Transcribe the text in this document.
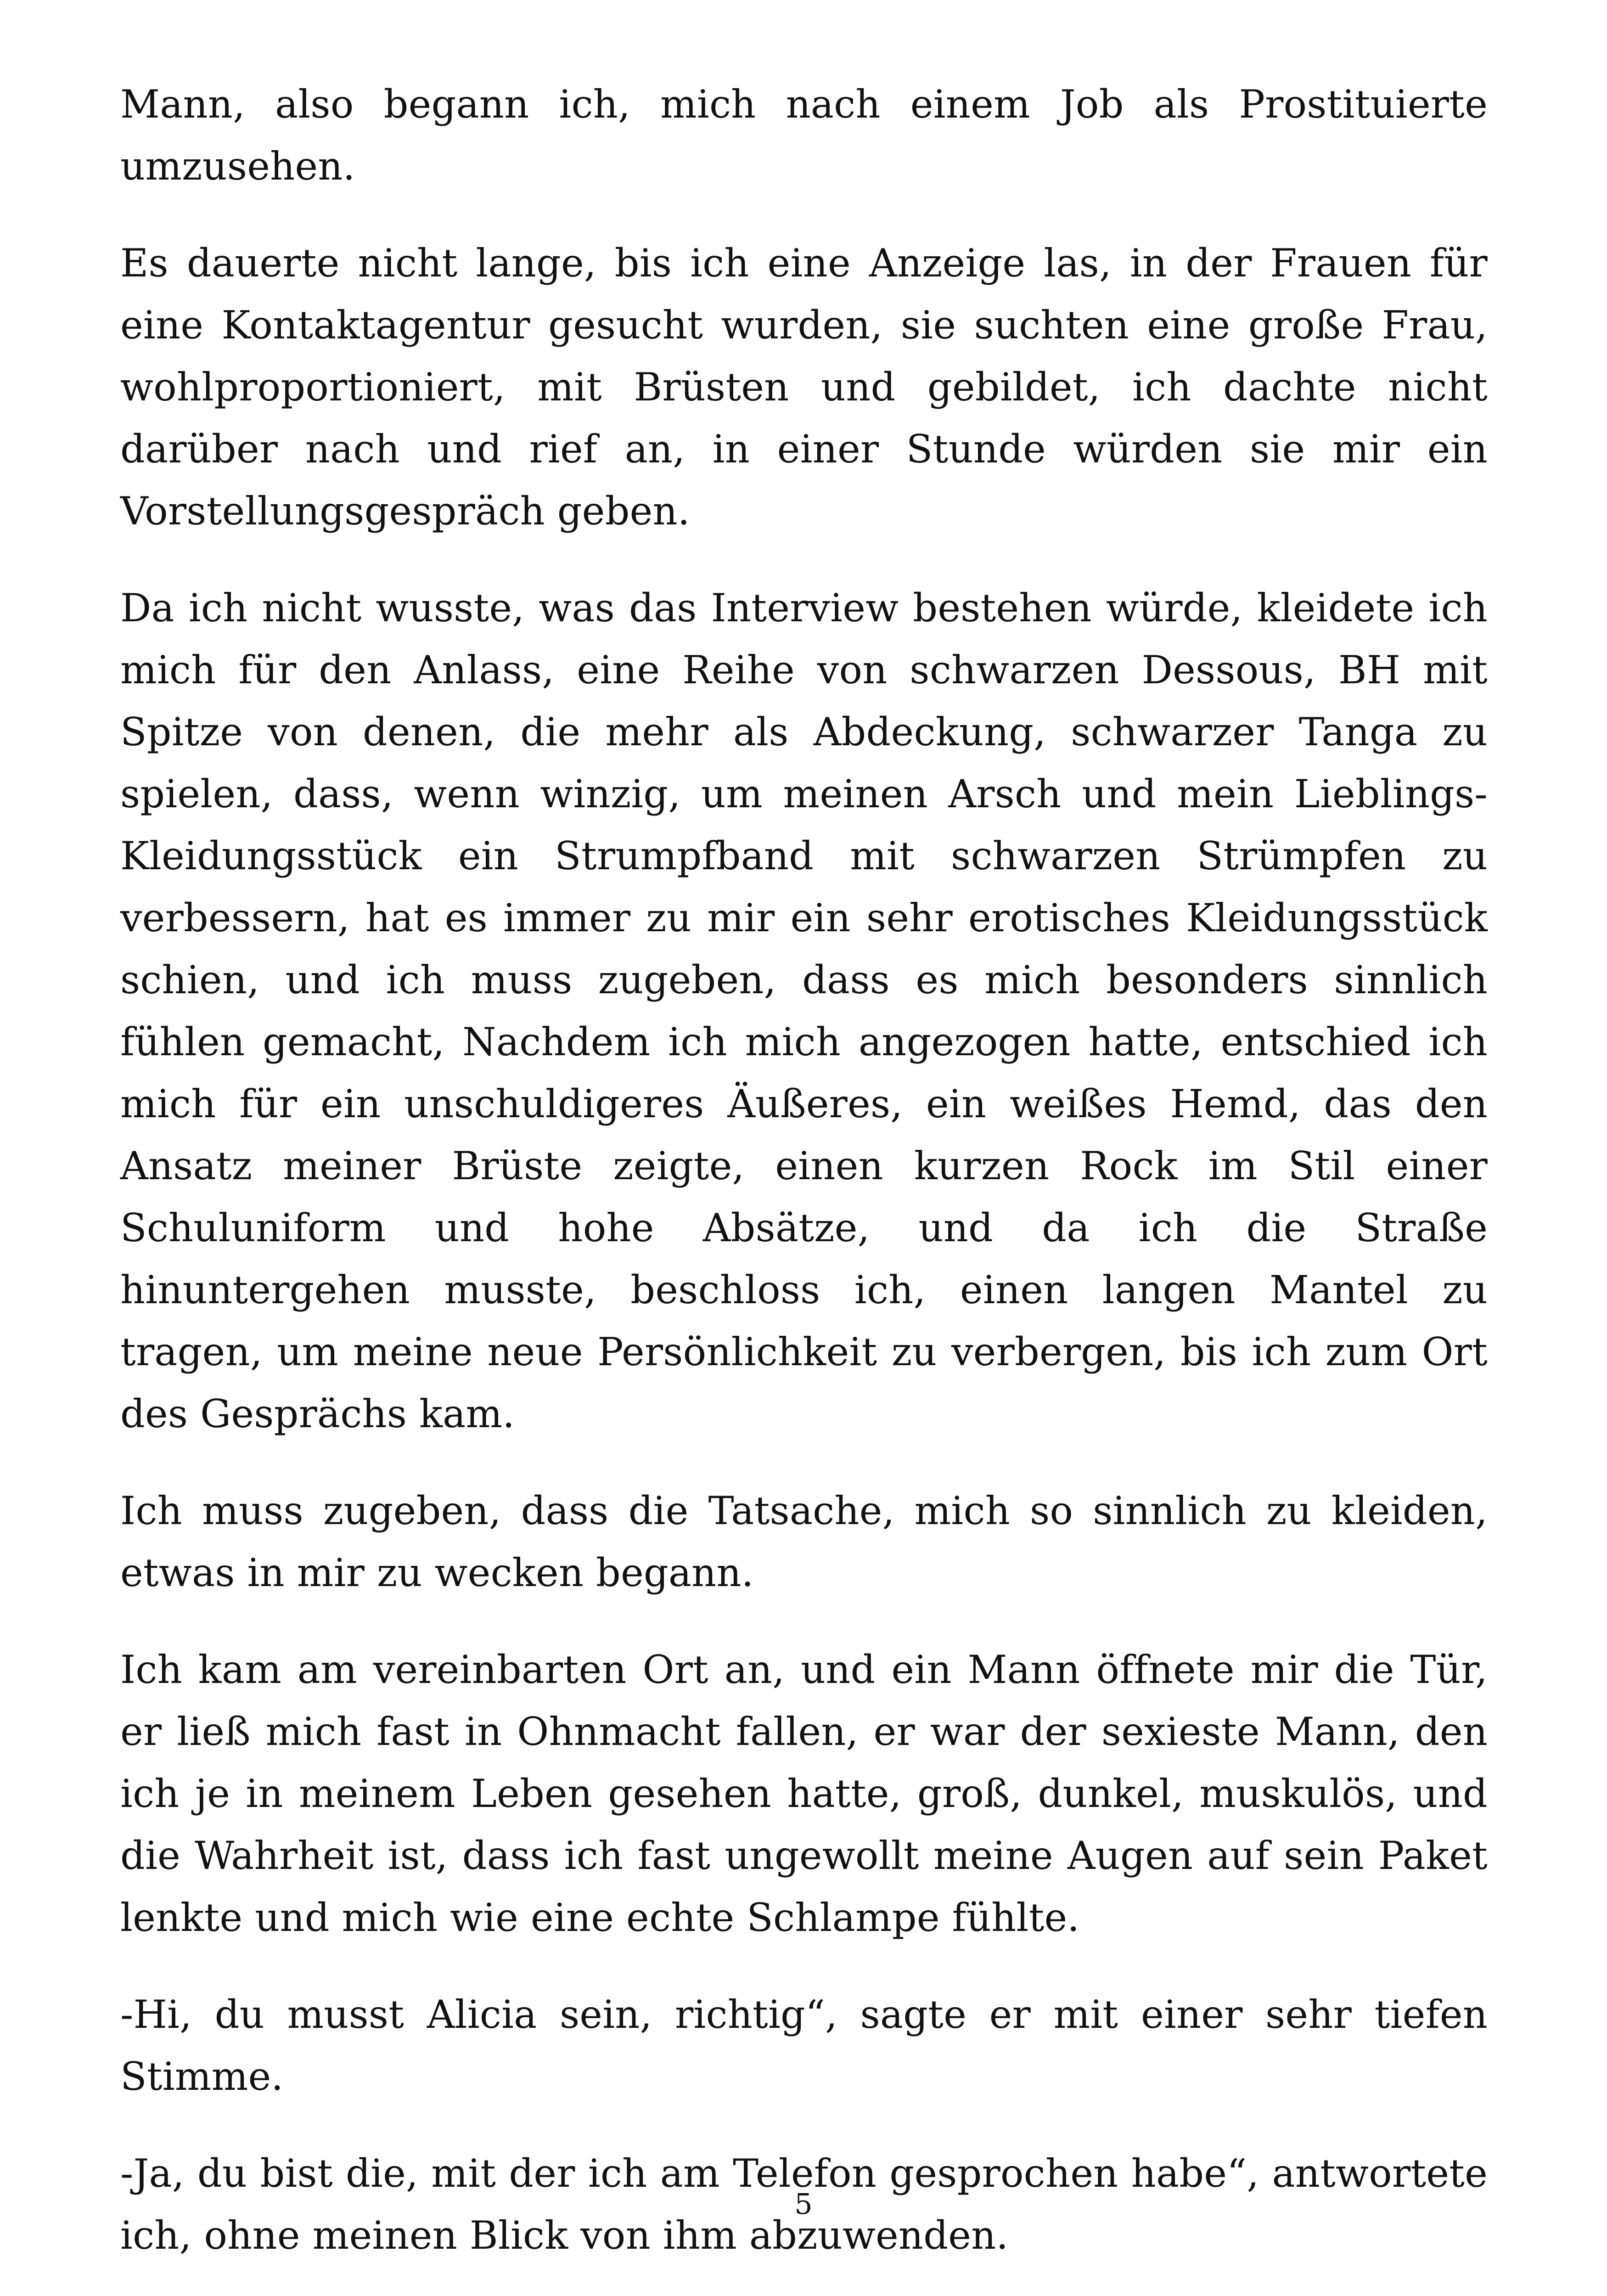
Mann, also begann ich, mich nach einem Job als Prostituierte umzusehen.

Es dauerte nicht lange, bis ich eine Anzeige las, in der Frauen für eine Kontaktagentur gesucht wurden, sie suchten eine große Frau, wohlproportioniert, mit Brüsten und gebildet, ich dachte nicht darüber nach und rief an, in einer Stunde würden sie mir ein Vorstellungsgespräch geben.

Da ich nicht wusste, was das Interview bestehen würde, kleidete ich mich für den Anlass, eine Reihe von schwarzen Dessous, BH mit Spitze von denen, die mehr als Abdeckung, schwarzer Tanga zu spielen, dass, wenn winzig, um meinen Arsch und mein Lieblings-Kleidungsstück ein Strumpfband mit schwarzen Strümpfen zu verbessern, hat es immer zu mir ein sehr erotisches Kleidungsstück schien, und ich muss zugeben, dass es mich besonders sinnlich fühlen gemacht, Nachdem ich mich angezogen hatte, entschied ich mich für ein unschuldigeres Äußeres, ein weißes Hemd, das den Ansatz meiner Brüste zeigte, einen kurzen Rock im Stil einer Schuluniform und hohe Absätze, und da ich die Straße hinuntergehen musste, beschloss ich, einen langen Mantel zu tragen, um meine neue Persönlichkeit zu verbergen, bis ich zum Ort des Gesprächs kam.

Ich muss zugeben, dass die Tatsache, mich so sinnlich zu kleiden, etwas in mir zu wecken begann.

Ich kam am vereinbarten Ort an, und ein Mann öffnete mir die Tür, er ließ mich fast in Ohnmacht fallen, er war der sexieste Mann, den ich je in meinem Leben gesehen hatte, groß, dunkel, muskulös, und die Wahrheit ist, dass ich fast ungewollt meine Augen auf sein Paket lenkte und mich wie eine echte Schlampe fühlte.

-Hi, du musst Alicia sein, richtig“, sagte er mit einer sehr tiefen Stimme.

-Ja, du bist die, mit der ich am Telefon gesprochen habe“, antwortete ich, ohne meinen Blick von ihm abzuwenden.

5
